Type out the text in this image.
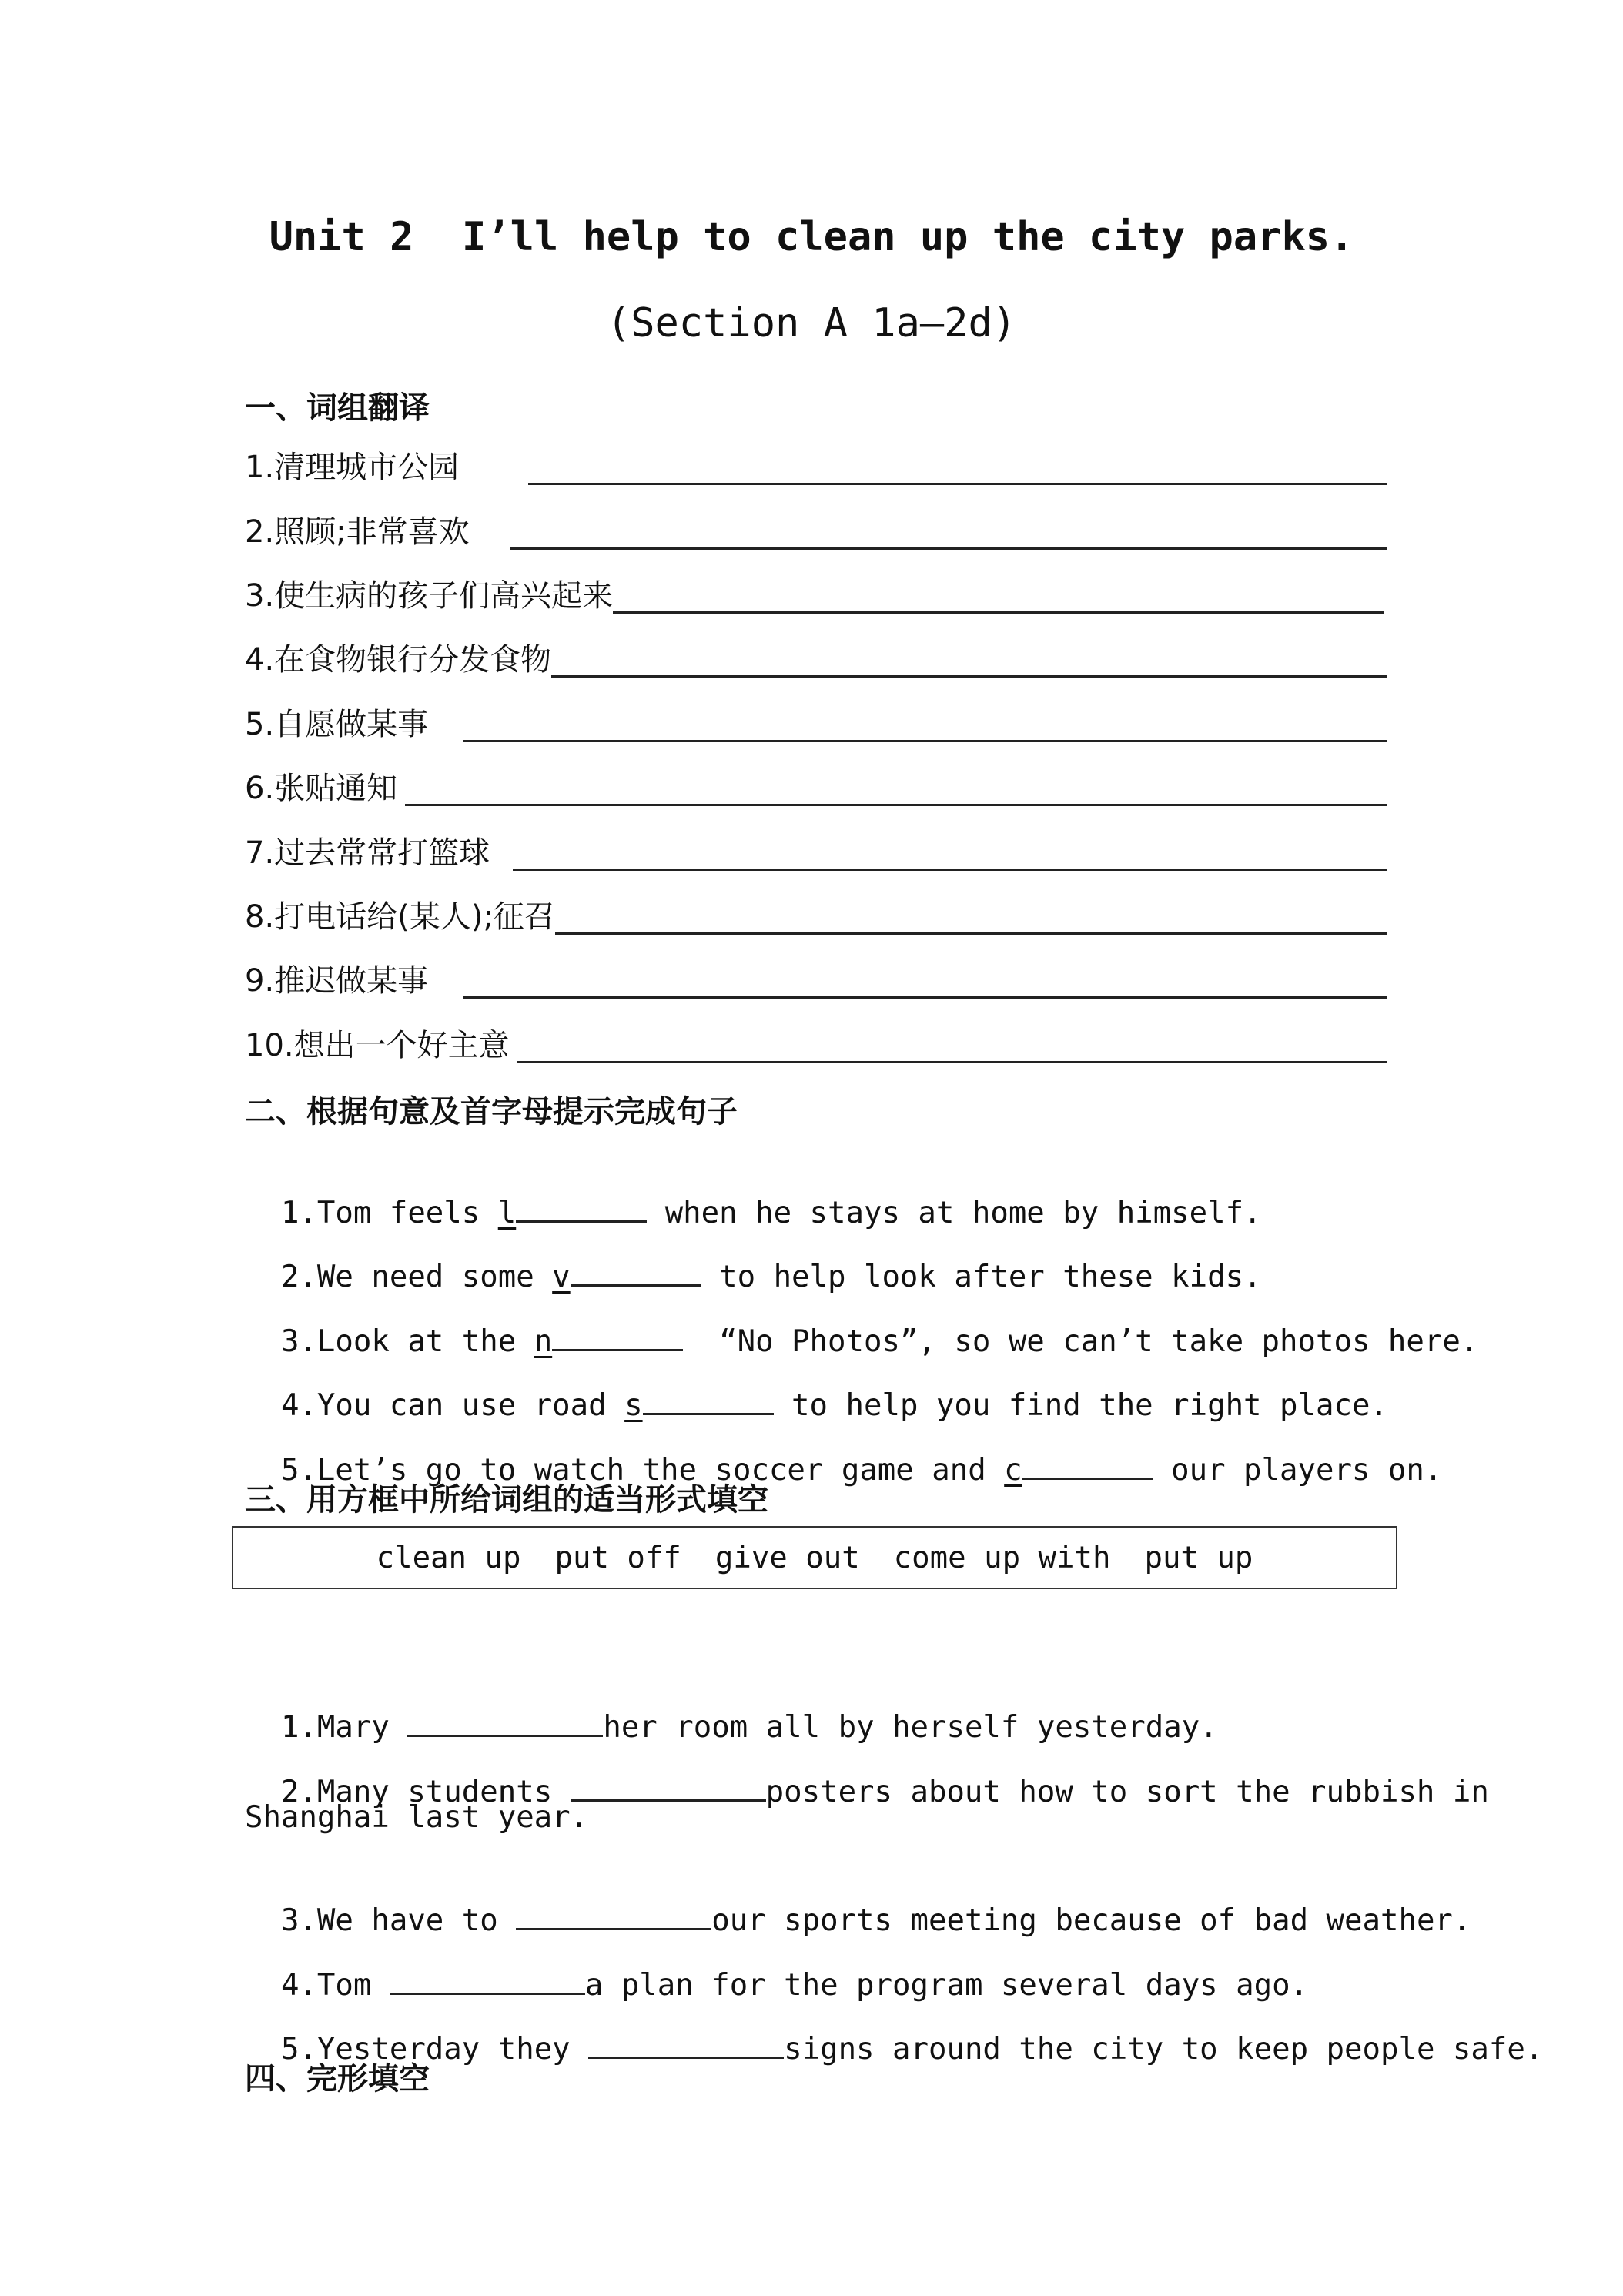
Unit 2  I’ll help to clean up the city parks.
(Section A 1a—2d)
一、词组翻译
1.清理城市公园
2.照顾;非常喜欢
3.使生病的孩子们高兴起来
4.在食物银行分发食物
5.自愿做某事
6.张贴通知
7.过去常常打篮球
8.打电话给(某人);征召
9.推迟做某事
10.想出一个好主意
二、根据句意及首字母提示完成句子

1.Tom feels l	when he stays at home by himself.

2.We need some v	to help look after these kids.

3.Look at the n	“No Photos”, so we can’t take photos here.

4.You can use road s	to help you find the right place.

5.Let’s go to watch the soccer game and c	our players on.

三、用方框中所给词组的适当形式填空
clean up put off give out come up with put up

1.Mary	her room all by herself yesterday.

2.Many students	posters about how to sort the rubbish in

Shanghai last year.

3.We have to	our sports meeting because of bad weather.

4.Tom	a plan for the program several days ago.

5.Yesterday they	signs around the city to keep people safe.

四、完形填空
